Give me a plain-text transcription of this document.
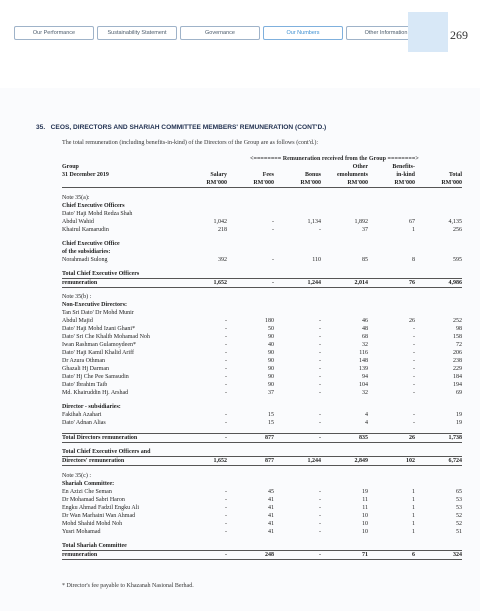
Our Performance	Sustainability Statement	Governance	Our Numbers	Other Information	269
35. CEOS, DIRECTORS AND SHARIAH COMMITTEE MEMBERS' REMUNERATION (CONT'D.)
The total remuneration (including benefits-in-kind) of the Directors of the Group are as follows (cont'd.):
<======== Remuneration received from the Group ========>
Group				Other	Benefits-	
31 December 2019	Salary	Fees	Bonus	emoluments	in-kind	Total
	RM'000	RM'000	RM'000	RM'000	RM'000	RM'000

Note 35(a):						
Chief Executive Officers						
Dato' Haji Mohd Redza Shah						
Abdul Wahid	1,042	-	1,134	1,892	67	4,135
Khairul Kamarudin	218	-	-	37	1	256

Chief Executive Office						
of the subsidiaries:						
Norahmadi Sulong	392	-	110	85	8	595

Total Chief Executive Officers						
remuneration	1,652	-	1,244	2,014	76	4,986

Note 35(b) :						
Non-Executive Directors:						
Tan Sri Dato' Dr Mohd Munir						
Abdul Majid	-	180	-	46	26	252
Dato' Haji Mohd Izani Ghani*	-	50	-	48	-	98
Dato' Sri Che Khalib Mohamad Noh	-	90	-	68	-	158
Iwan Rashman Gulamoydeen*	-	40	-	32	-	72
Dato' Haji Kamil Khalid Ariff	-	90	-	116	-	206
Dr Azura Othman	-	90	-	148	-	238
Ghazali Hj Darman	-	90	-	139	-	229
Dato' Hj Che Pee Samsudin	-	90	-	94	-	184
Dato' Ibrahim Taib	-	90	-	104	-	194
Md. Khairuddin Hj. Arshad	-	37	-	32	-	69

Director - subsidiaries:						
Fakihah Azahari	-	15	-	4	-	19
Dato' Adnan Alias	-	15	-	4	-	19

Total Directors remuneration	-	877	-	835	26	1,738

Total Chief Executive Officers and						
Directors' remuneration	1,652	877	1,244	2,849	102	6,724

Note 35(c) :						
Shariah Committee:						
En Azizi Che Seman	-	45	-	19	1	65
Dr Mohamad Sabri Haron	-	41	-	11	1	53
Engku Ahmad Fadzil Engku Ali	-	41	-	11	1	53
Dr Wan Marhaini Wan Ahmad	-	41	-	10	1	52
Mohd Shahid Mohd Noh	-	41	-	10	1	52
Yusri Mohamad	-	41	-	10	1	51

Total Shariah Committee						
remuneration	-	248	-	71	6	324
* Director's fee payable to Khazanah Nasional Berhad.
